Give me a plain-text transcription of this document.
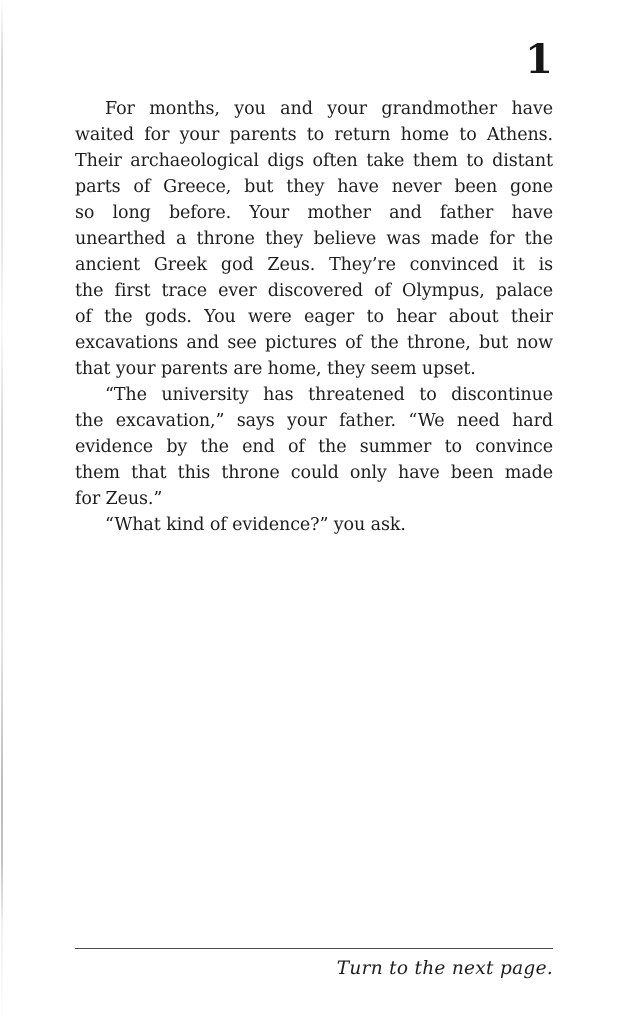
1
For months, you and your grandmother have
waited for your parents to return home to Athens.
Their archaeological digs often take them to distant
parts of Greece, but they have never been gone
so long before. Your mother and father have
unearthed a throne they believe was made for the
ancient Greek god Zeus. They’re convinced it is
the first trace ever discovered of Olympus, palace
of the gods. You were eager to hear about their
excavations and see pictures of the throne, but now
that your parents are home, they seem upset.
“The university has threatened to discontinue
the excavation,” says your father. “We need hard
evidence by the end of the summer to convince
them that this throne could only have been made
for Zeus.”
“What kind of evidence?” you ask.
Turn to the next page.
